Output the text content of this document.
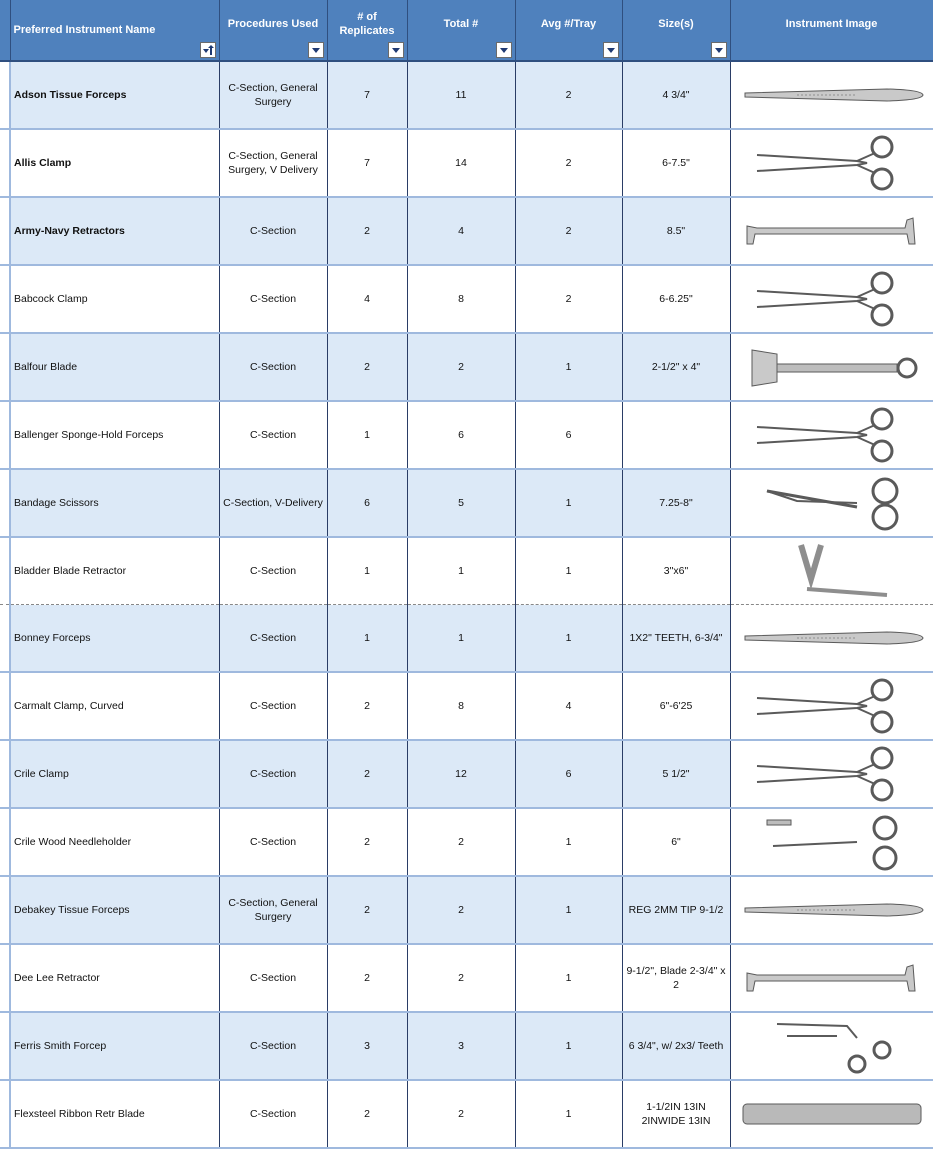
	Preferred Instrument Name	Procedures Used	# of Replicates	Total #	Avg #/Tray	Size(s)	Instrument Image

	Adson Tissue Forceps	C-Section, General Surgery	7	11	2	4 3/4"	

	Allis Clamp	C-Section, General Surgery, V Delivery	7	14	2	6-7.5"	

	Army-Navy Retractors	C-Section	2	4	2	8.5"	

	Babcock Clamp	C-Section	4	8	2	6-6.25"	

	Balfour Blade	C-Section	2	2	1	2-1/2" x 4"	

	Ballenger Sponge-Hold Forceps	C-Section	1	6	6		

	Bandage Scissors	C-Section, V-Delivery	6	5	1	7.25-8"	

	Bladder Blade Retractor	C-Section	1	1	1	3"x6"	

	Bonney Forceps	C-Section	1	1	1	1X2" TEETH, 6-3/4"	

	Carmalt Clamp, Curved	C-Section	2	8	4	6"-6'25	

	Crile Clamp	C-Section	2	12	6	5 1/2"	

	Crile Wood Needleholder	C-Section	2	2	1	6"	

	Debakey Tissue Forceps	C-Section, General Surgery	2	2	1	REG 2MM TIP 9-1/2	

	Dee Lee Retractor	C-Section	2	2	1	9-1/2", Blade 2-3/4" x 2	

	Ferris Smith Forcep	C-Section	3	3	1	6 3/4", w/ 2x3/ Teeth	

	Flexsteel Ribbon Retr Blade	C-Section	2	2	1	1-1/2IN 13IN 2INWIDE 13IN	
